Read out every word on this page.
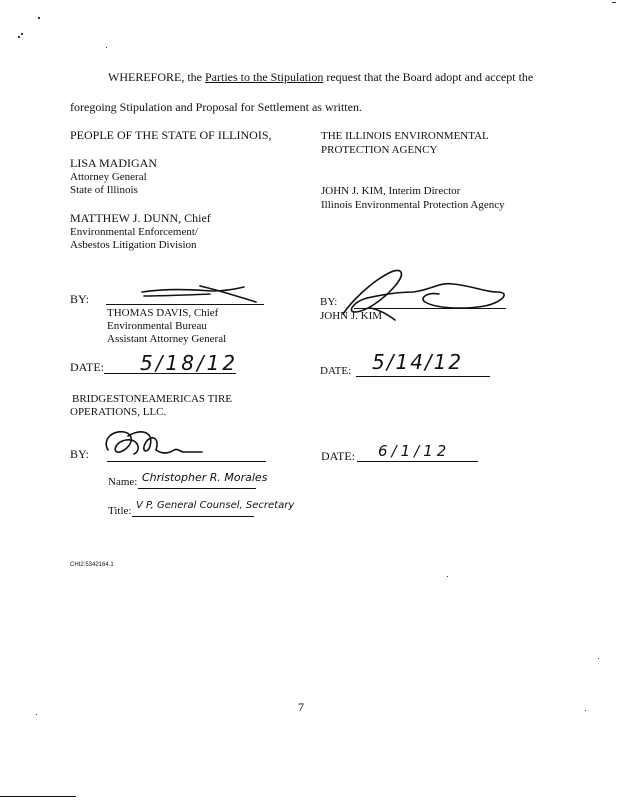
WHEREFORE, the Parties to the Stipulation request that the Board adopt and accept the
foregoing Stipulation and Proposal for Settlement as written.
PEOPLE OF THE STATE OF ILLINOIS,
LISA MADIGAN
Attorney General
State of Illinois
MATTHEW J. DUNN, Chief
Environmental Enforcement/
Asbestos Litigation Division
THE ILLINOIS ENVIRONMENTAL
PROTECTION AGENCY
JOHN J. KIM, Interim Director
Illinois Environmental Protection Agency
BY:
THOMAS DAVIS, Chief
Environmental Bureau
Assistant Attorney General
DATE: 5/18/12
BY:
JOHN J. KIM
DATE: 5/14/12
BRIDGESTONEAMERICAS TIRE
OPERATIONS, LLC.
BY:	DATE: 6/1/12
Name: Christopher R. Morales
Title: V P, General Counsel, Secretary
CHI2:5342164.1
7
